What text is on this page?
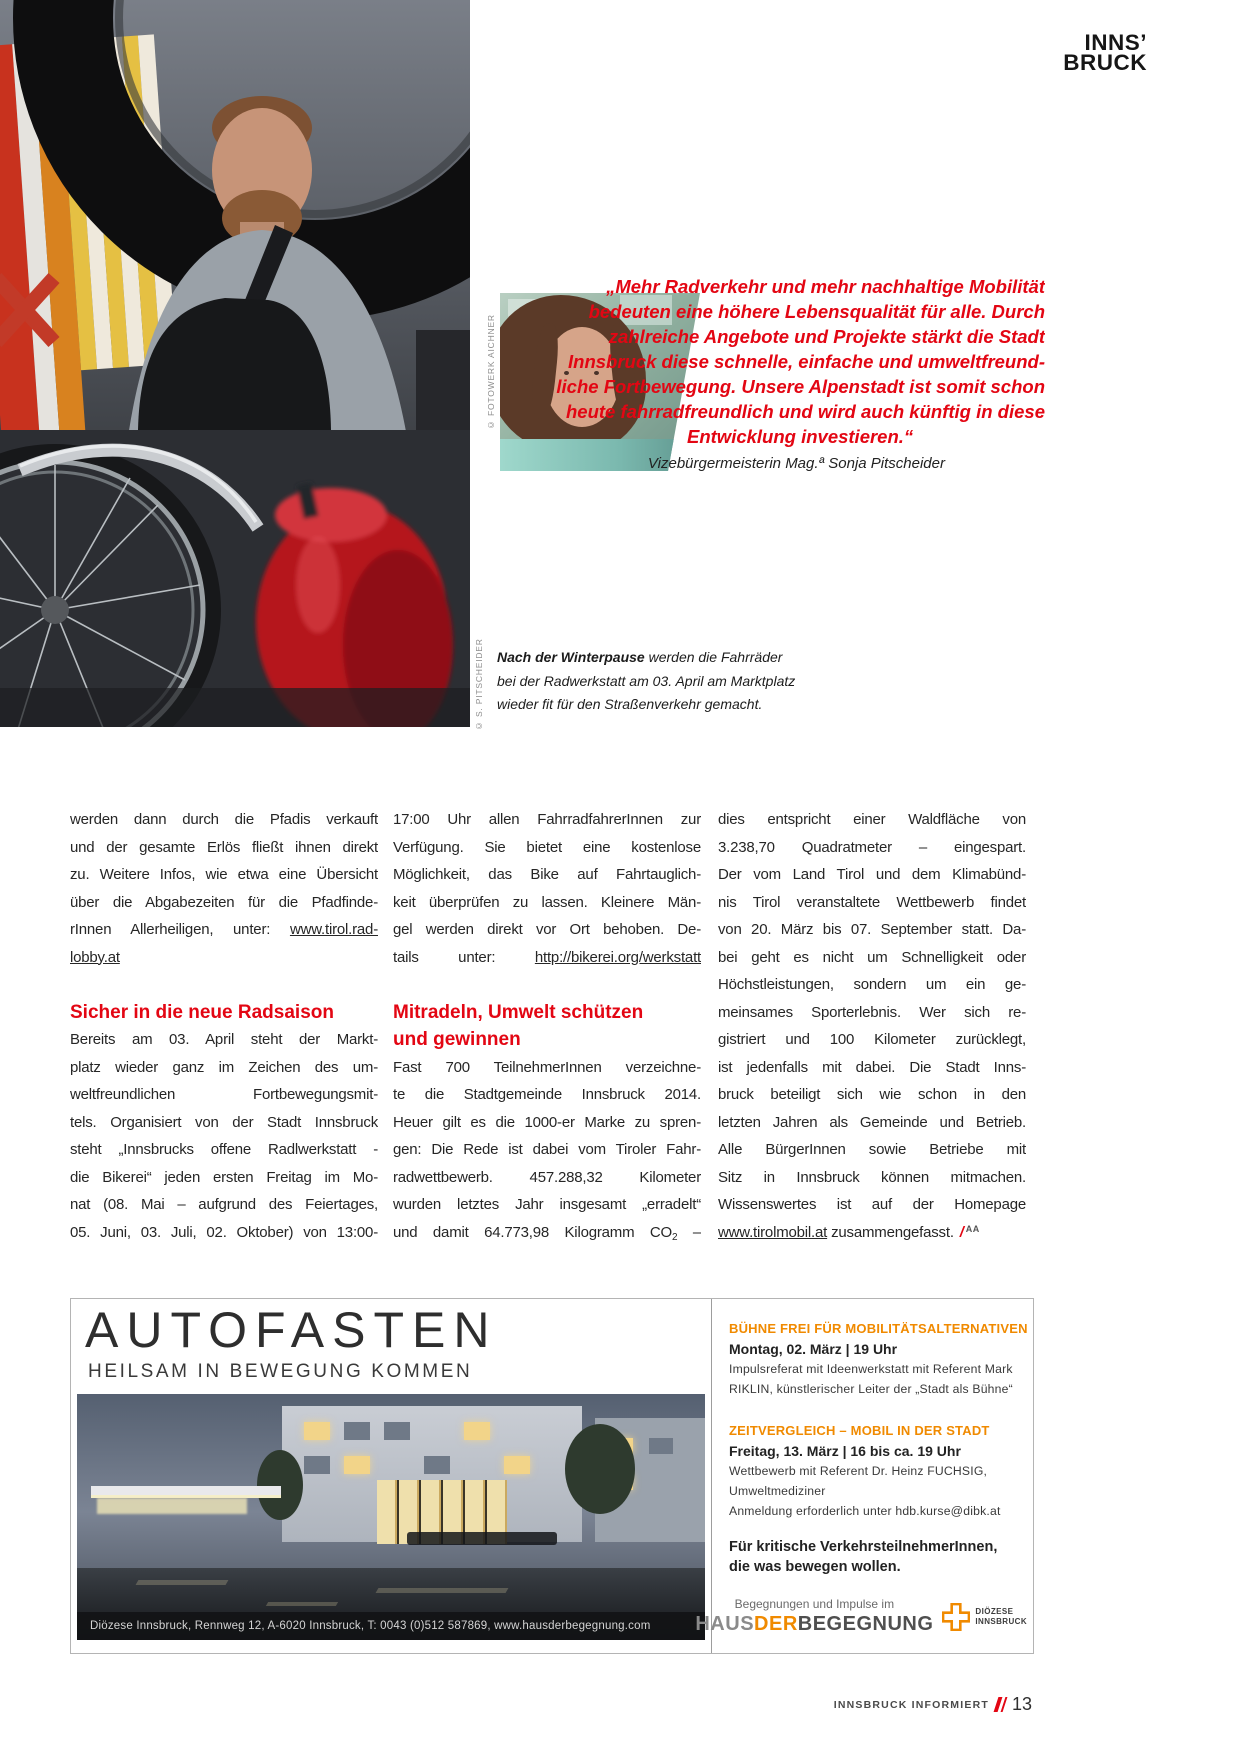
© S. PITSCHEIDER
INNS’
BRUCK
© FOTOWERK AICHNER
„Mehr Radverkehr und mehr nachhaltige Mobilität
bedeuten eine höhere Lebensqualität für alle. Durch
zahlreiche Angebote und Projekte stärkt die Stadt
Innsbruck diese schnelle, einfache und umweltfreund-
liche Fortbewegung. Unsere Alpenstadt ist somit schon
heute fahrradfreundlich und wird auch künftig in diese
Entwicklung investieren.“
Vizebürgermeisterin Mag.ª Sonja Pitscheider
Nach der Winterpause werden die Fahrräder
bei der Radwerkstatt am 03. April am Marktplatz
wieder fit für den Straßenverkehr gemacht.
werden dann durch die Pfadis verkauft
und der gesamte Erlös fließt ihnen direkt
zu. Weitere Infos, wie etwa eine Übersicht
über die Abgabezeiten für die Pfadfinde-
rInnen Allerheiligen, unter: www.tirol.rad-
lobby.at
Sicher in die neue Radsaison
Bereits am 03. April steht der Markt-
platz wieder ganz im Zeichen des um-
weltfreundlichen Fortbewegungsmit-
tels. Organisiert von der Stadt Innsbruck
steht „Innsbrucks offene Radlwerkstatt -
die Bikerei“ jeden ersten Freitag im Mo-
nat (08. Mai – aufgrund des Feiertages,
05. Juni, 03. Juli, 02. Oktober) von 13:00-
17:00 Uhr allen FahrradfahrerInnen zur
Verfügung. Sie bietet eine kostenlose
Möglichkeit, das Bike auf Fahrtauglich-
keit überprüfen zu lassen. Kleinere Män-
gel werden direkt vor Ort behoben. De-
tails unter: http://bikerei.org/werkstatt
Mitradeln, Umwelt schützen
und gewinnen
Fast 700 TeilnehmerInnen verzeichne-
te die Stadtgemeinde Innsbruck 2014.
Heuer gilt es die 1000-er Marke zu spren-
gen: Die Rede ist dabei vom Tiroler Fahr-
radwettbewerb. 457.288,32 Kilometer
wurden letztes Jahr insgesamt „erradelt“
und damit 64.773,98 Kilogramm $CO_2$ –
dies entspricht einer Waldfläche von
3.238,70 Quadratmeter – eingespart.
Der vom Land Tirol und dem Klimabünd-
nis Tirol veranstaltete Wettbewerb findet
von 20. März bis 07. September statt. Da-
bei geht es nicht um Schnelligkeit oder
Höchstleistungen, sondern um ein ge-
meinsames Sporterlebnis. Wer sich re-
gistriert und 100 Kilometer zurücklegt,
ist jedenfalls mit dabei. Die Stadt Inns-
bruck beteiligt sich wie schon in den
letzten Jahren als Gemeinde und Betrieb.
Alle BürgerInnen sowie Betriebe mit
Sitz in Innsbruck können mitmachen.
Wissenswertes ist auf der Homepage
www.tirolmobil.at zusammengefasst. / $^{AA}$
AUTOFASTEN
HEILSAM IN BEWEGUNG KOMMEN
Diözese Innsbruck, Rennweg 12, A-6020 Innsbruck, T: 0043 (0)512 587869, www.hausderbegegnung.com
BÜHNE FREI FÜR MOBILITÄTSALTERNATIVEN
Montag, 02. März | 19 Uhr
Impulsreferat mit Ideenwerkstatt mit Referent Mark
RIKLIN, künstlerischer Leiter der „Stadt als Bühne“
ZEITVERGLEICH – MOBIL IN DER STADT
Freitag, 13. März | 16 bis ca. 19 Uhr
Wettbewerb mit Referent Dr. Heinz FUCHSIG,
Umweltmediziner
Anmeldung erforderlich unter hdb.kurse@dibk.at
Für kritische VerkehrsteilnehmerInnen,
die was bewegen wollen.
Begegnungen und Impulse im
HAUSDERBEGEGNUNG
DIÖZESE
INNSBRUCK
INNSBRUCK INFORMIERT 13
